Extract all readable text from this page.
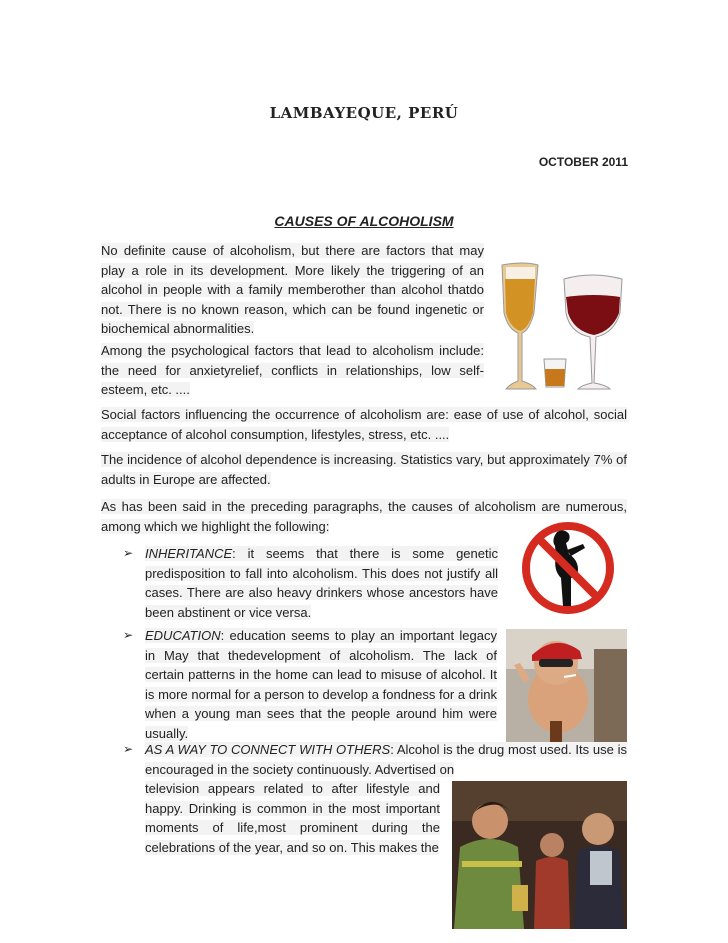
LAMBAYEQUE, PERÚ
OCTOBER 2011
CAUSES OF ALCOHOLISM
No definite cause of alcoholism, but there are factors that may play a role in its development. More likely the triggering of an alcohol in people with a family memberother than alcohol thatdo not. There is no known reason, which can be found ingenetic or biochemical abnormalities.
Among the psychological factors that lead to alcoholism include: the need for anxietyrelief, conflicts in relationships, low self-esteem, etc. ....
Social factors influencing the occurrence of alcoholism are: ease of use of alcohol, social acceptance of alcohol consumption, lifestyles, stress, etc. ....
The incidence of alcohol dependence is increasing. Statistics vary, but approximately 7% of adults in Europe are affected.
As has been said in the preceding paragraphs, the causes of alcoholism are numerous, among which we highlight the following:
➢ INHERITANCE: it seems that there is some genetic predisposition to fall into alcoholism. This does not justify all cases. There are also heavy drinkers whose ancestors have been abstinent or vice versa.
➢ EDUCATION: education seems to play an important legacy in May that thedevelopment of alcoholism. The lack of certain patterns in the home can lead to misuse of alcohol. It is more normal for a person to develop a fondness for a drink when a young man sees that the people around him were usually.
➢ AS A WAY TO CONNECT WITH OTHERS: Alcohol is the drug most used. Its use is encouraged in the society continuously. Advertised on
television appears related to after lifestyle and happy. Drinking is common in the most important moments of life,most prominent during the celebrations of the year, and so on. This makes the
